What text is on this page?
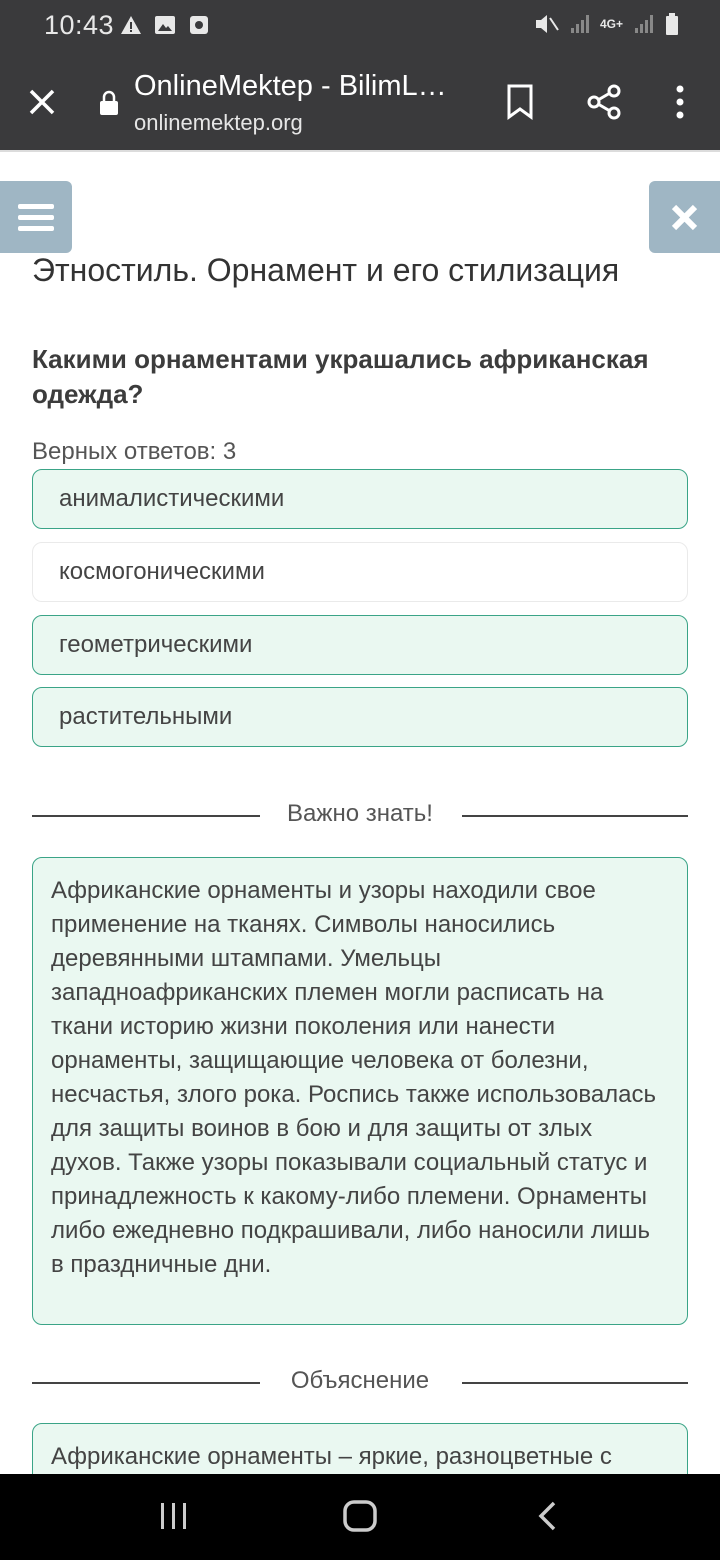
10:43	4G+
OnlineMektep - BilimL…
onlinemektep.org
Этностиль. Орнамент и его стилизация
Какими орнаментами украшались африканская одежда?
Верных ответов: 3
анималистическими
космогоническими
геометрическими
растительными
Важно знать!
Африканские орнаменты и узоры находили свое применение на тканях. Символы наносились деревянными штампами. Умельцы западноафриканских племен могли расписать на ткани историю жизни поколения или нанести орнаменты, защищающие человека от болезни, несчастья, злого рока. Роспись также использовалась для защиты воинов в бою и для защиты от злых духов. Также узоры показывали социальный статус и принадлежность к какому-либо племени. Орнаменты либо ежедневно подкрашивали, либо наносили лишь в праздничные дни.
Объяснение
Африканские орнаменты – яркие, разноцветные с
